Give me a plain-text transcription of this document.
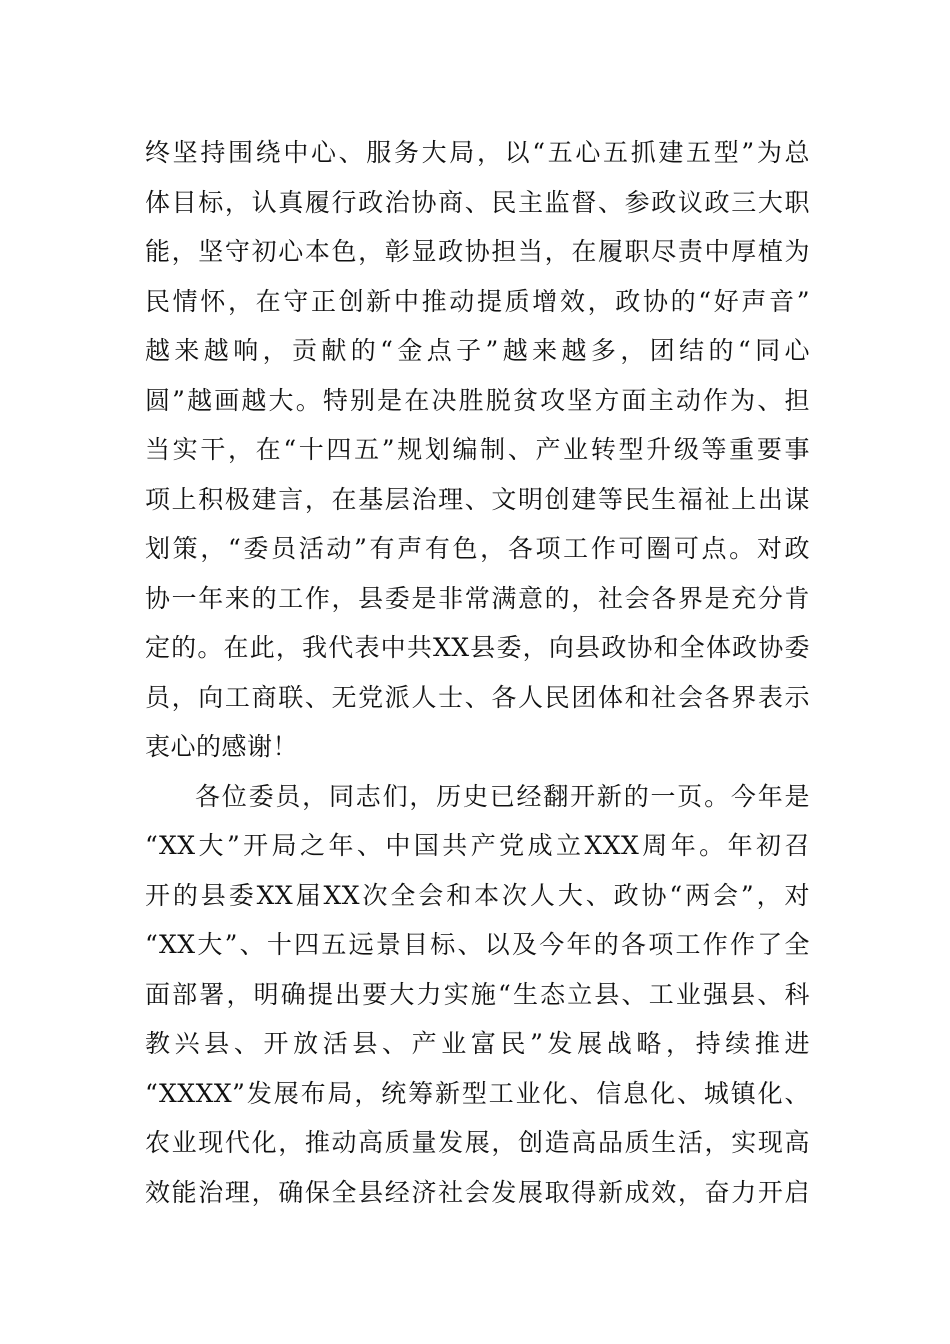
终坚持围绕中心、服务大局，以“五心五抓建五型”为总
体目标，认真履行政治协商、民主监督、参政议政三大职
能，坚守初心本色，彰显政协担当，在履职尽责中厚植为
民情怀，在守正创新中推动提质增效，政协的“好声音”
越来越响，贡献的“金点子”越来越多，团结的“同心
圆”越画越大。特别是在决胜脱贫攻坚方面主动作为、担
当实干，在“十四五”规划编制、产业转型升级等重要事
项上积极建言，在基层治理、文明创建等民生福祉上出谋
划策，“委员活动”有声有色，各项工作可圈可点。对政
协一年来的工作，县委是非常满意的，社会各界是充分肯
定的。在此，我代表中共XX县委，向县政协和全体政协委
员，向工商联、无党派人士、各人民团体和社会各界表示
衷心的感谢！
各位委员，同志们，历史已经翻开新的一页。今年是
“XX大”开局之年、中国共产党成立XXX周年。年初召
开的县委XX届XX次全会和本次人大、政协“两会”，对
“XX大”、十四五远景目标、以及今年的各项工作作了全
面部署，明确提出要大力实施“生态立县、工业强县、科
教兴县、开放活县、产业富民”发展战略，持续推进
“XXXX”发展布局，统筹新型工业化、信息化、城镇化、
农业现代化，推动高质量发展，创造高品质生活，实现高
效能治理，确保全县经济社会发展取得新成效，奋力开启
